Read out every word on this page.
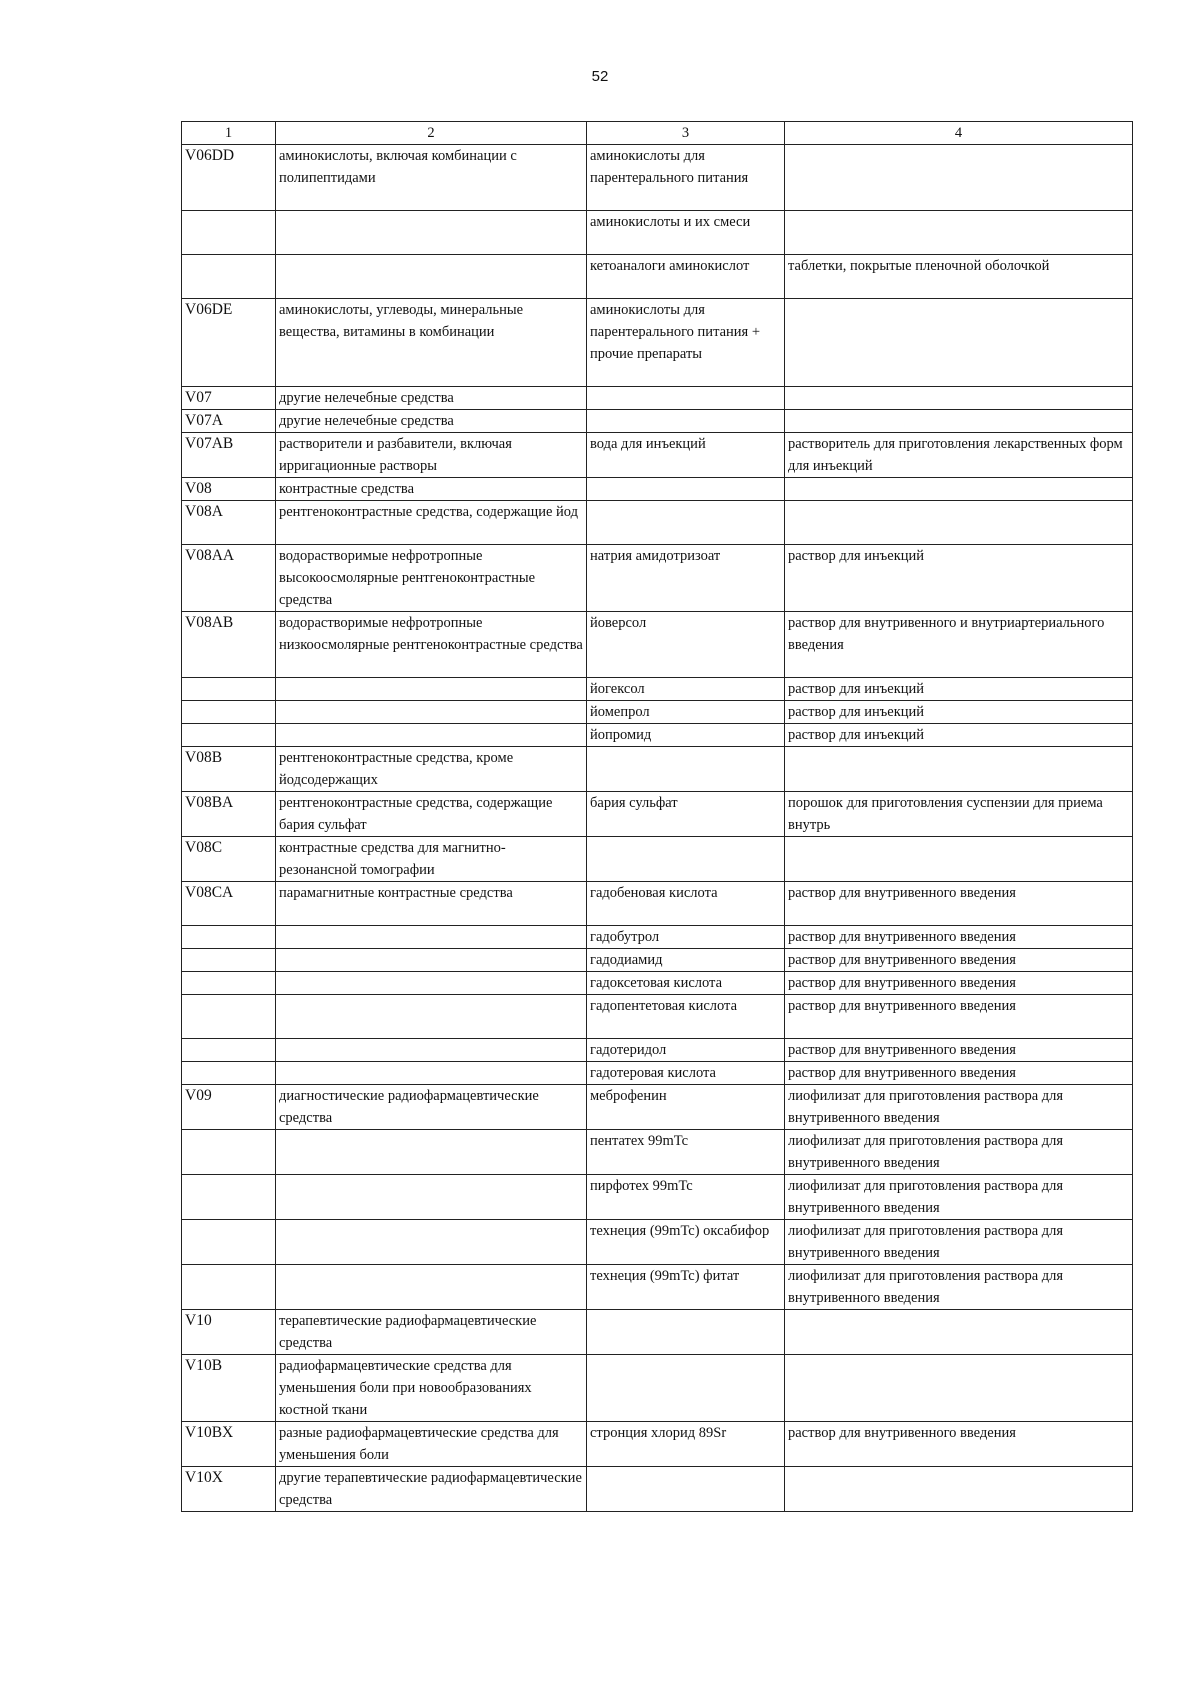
52
1	2	3	4
V06DD	аминокислоты, включая комбинации с полипептидами	аминокислоты для парентерального питания	
		аминокислоты и их смеси	
		кетоаналоги аминокислот	таблетки, покрытые пленочной оболочкой
V06DE	аминокислоты, углеводы, минеральные вещества, витамины в комбинации	аминокислоты для парентерального питания + прочие препараты	
V07	другие нелечебные средства		
V07A	другие нелечебные средства		
V07AB	растворители и разбавители, включая ирригационные растворы	вода для инъекций	растворитель для приготовления лекарственных форм для инъекций
V08	контрастные средства		
V08A	рентгеноконтрастные средства, содержащие йод		
V08AA	водорастворимые нефротропные высокоосмолярные рентгеноконтрастные средства	натрия амидотризоат	раствор для инъекций
V08AB	водорастворимые нефротропные низкоосмолярные рентгеноконтрастные средства	йоверсол	раствор для внутривенного и внутриартериального введения
		йогексол	раствор для инъекций
		йомепрол	раствор для инъекций
		йопромид	раствор для инъекций
V08B	рентгеноконтрастные средства, кроме йодсодержащих		
V08BA	рентгеноконтрастные средства, содержащие бария сульфат	бария сульфат	порошок для приготовления суспензии для приема внутрь
V08C	контрастные средства для магнитно-резонансной томографии		
V08CA	парамагнитные контрастные средства	гадобеновая кислота	раствор для внутривенного введения
		гадобутрол	раствор для внутривенного введения
		гадодиамид	раствор для внутривенного введения
		гадоксетовая кислота	раствор для внутривенного введения
		гадопентетовая кислота	раствор для внутривенного введения
		гадотеридол	раствор для внутривенного введения
		гадотеровая кислота	раствор для внутривенного введения
V09	диагностические радиофармацевтические средства	меброфенин	лиофилизат для приготовления раствора для внутривенного введения
		пентатех 99mTc	лиофилизат для приготовления раствора для внутривенного введения
		пирфотех 99mTc	лиофилизат для приготовления раствора для внутривенного введения
		технеция (99mTc) оксабифор	лиофилизат для приготовления раствора для внутривенного введения
		технеция (99mTc) фитат	лиофилизат для приготовления раствора для внутривенного введения
V10	терапевтические радиофармацевтические средства		
V10B	радиофармацевтические средства для уменьшения боли при новообразованиях костной ткани		
V10BX	разные радиофармацевтические средства для уменьшения боли	стронция хлорид 89Sr	раствор для внутривенного введения
V10X	другие терапевтические радиофармацевтические средства		
